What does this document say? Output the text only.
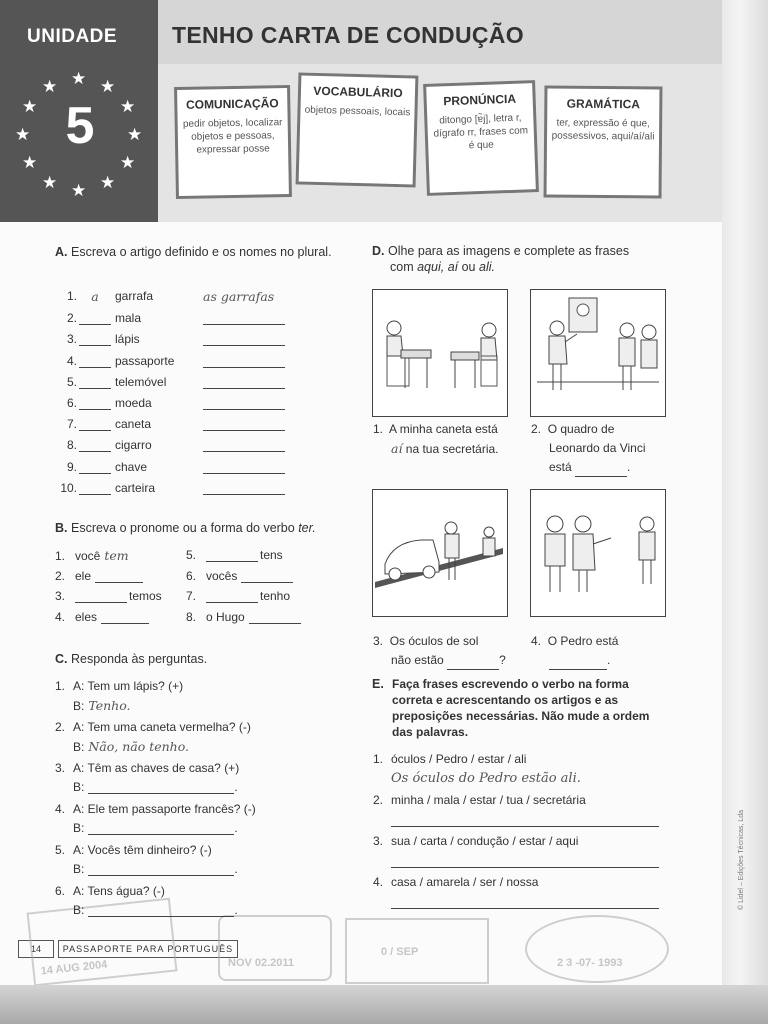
TENHO CARTA DE CONDUÇÃO
UNIDADE
5
★ ★
★
★
★
★
★
★
★
★
★
★
COMUNICAÇÃO
pedir objetos, localizar objetos e pessoas, expressar posse
VOCABULÁRIO
objetos pessoais, locais
PRONÚNCIA
ditongo [ɐ̃j], letra r, dígrafo rr, frases com é que
GRAMÁTICA
ter, expressão é que, possessivos, aqui/aí/ali
A. Escreva o artigo definido e os nomes no plural.
B. Escreva o pronome ou a forma do verbo ter.
C. Responda às perguntas.
D. Olhe para as imagens e complete as frases
com aqui, aí ou ali.
1. A minha caneta está
aí na tua secretária.
2. O quadro de
Leonardo da Vinci
está	.
3. Os óculos de sol
não estão	?
4. O Pedro está
.
E. Faça frases escrevendo o verbo na forma correta e acrescentando os artigos e as preposições necessárias. Não mude a ordem das palavras.
14	PASSAPORTE PARA PORTUGUÊS
14 AUG 2004	NOV 02.2011
0 / SEP
2 3 -07- 1993
1. a garrafa	as garrafas
2.	mala
3.	lápis
4.	passaporte
5.	telemóvel
6.	moeda
7.	caneta
8.	cigarro
9.	chave
10.	carteira
1. você tem
2. ele
3.	temos
4. eles
5.	tens
6. vocês
7.	tenho
8. o Hugo
1. A: Tem um lápis? (+)
B: Tenho.
2. A: Tem uma caneta vermelha? (-)
B: Não, não tenho.
3. A: Têm as chaves de casa? (+)
B:	.
4. A: Ele tem passaporte francês? (-)
B:	.
5. A: Vocês têm dinheiro? (-)
B:	.
6. A: Tens água? (-)
B:	.
1. óculos / Pedro / estar / ali
Os óculos do Pedro estão ali.
2. minha / mala / estar / tua / secretária
3. sua / carta / condução / estar / aqui
4. casa / amarela / ser / nossa	© Lidel – Edições Técnicas, Lda
